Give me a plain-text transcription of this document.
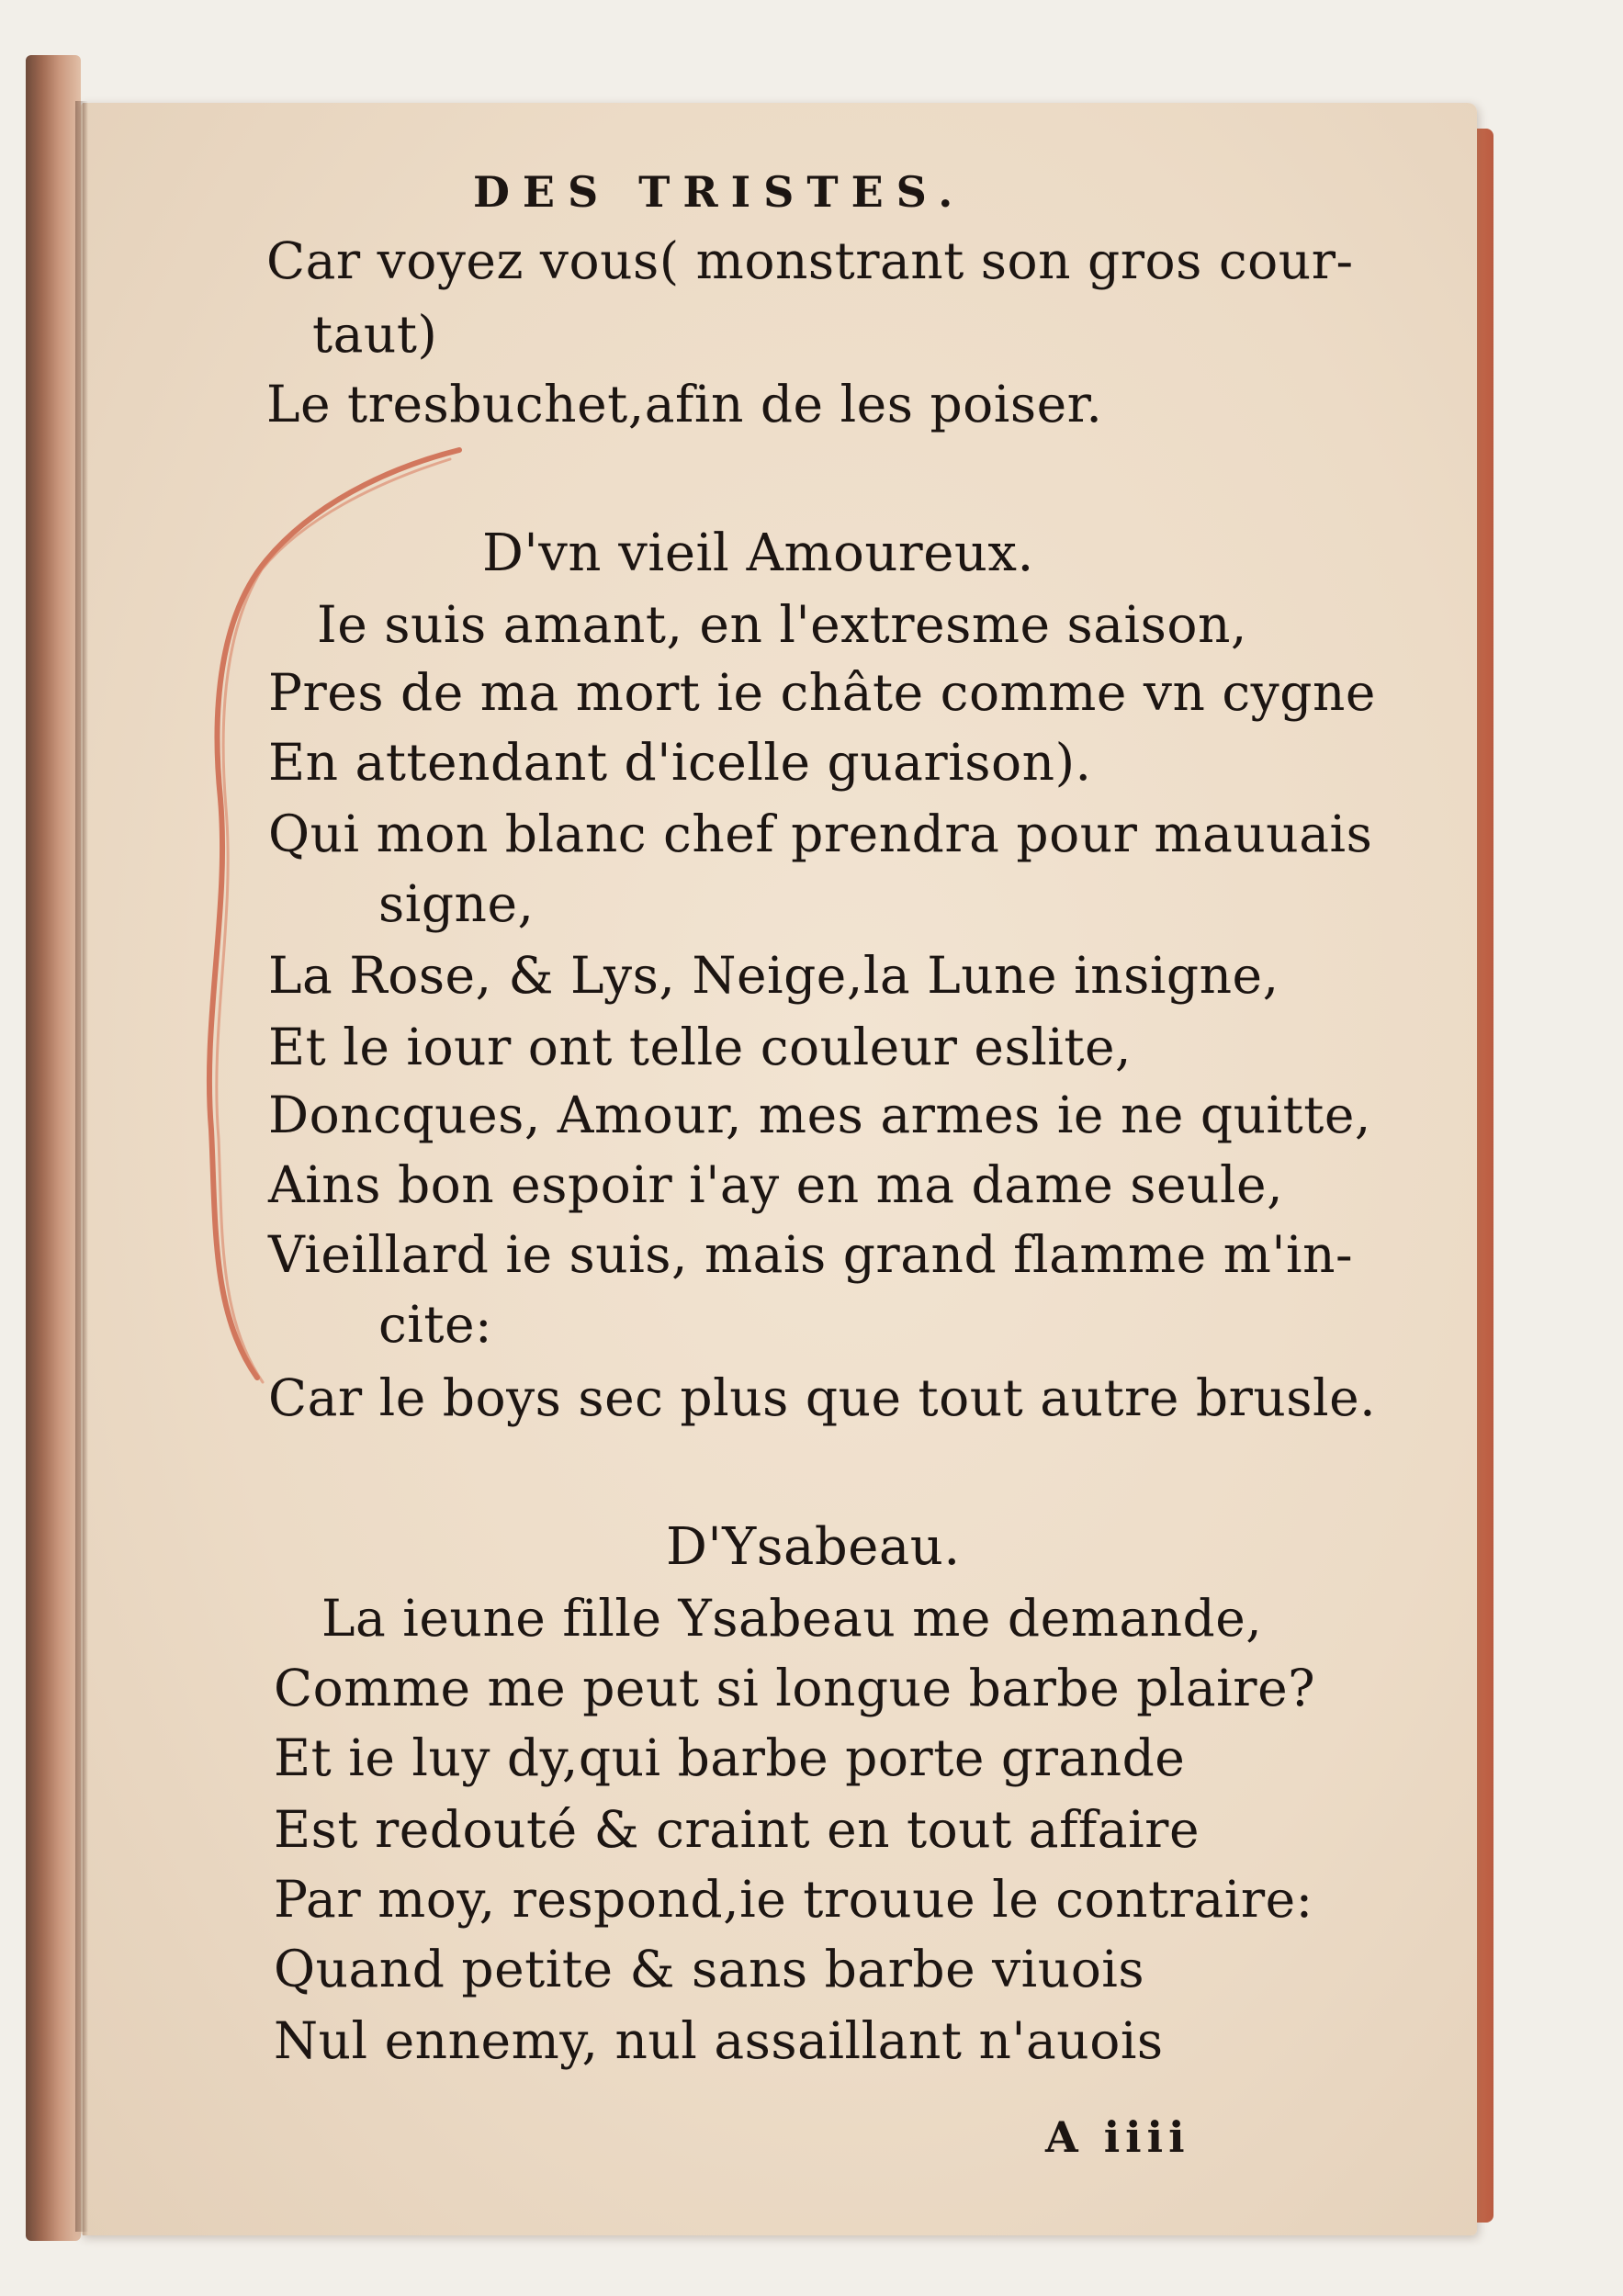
DES TRISTES.
Car voyez vous( monstrant son gros cour-
taut)
Le tresbuchet,afin de les poiser.
D'vn vieil Amoureux.
Ie suis amant, en l'extresme saison,
Pres de ma mort ie châte comme vn cygne
En attendant d'icelle guarison).
Qui mon blanc chef prendra pour mauuais
signe,
La Rose, & Lys, Neige,la Lune insigne,
Et le iour ont telle couleur eslite,
Doncques, Amour, mes armes ie ne quitte,
Ains bon espoir i'ay en ma dame seule,
Vieillard ie suis, mais grand flamme m'in-
cite:
Car le boys sec plus que tout autre brusle.
D'Ysabeau.
La ieune fille Ysabeau me demande,
Comme me peut si longue barbe plaire?
Et ie luy dy,qui barbe porte grande
Est redouté & craint en tout affaire
Par moy, respond,ie trouue le contraire:
Quand petite & sans barbe viuois
Nul ennemy, nul assaillant n'auois
A iiii
